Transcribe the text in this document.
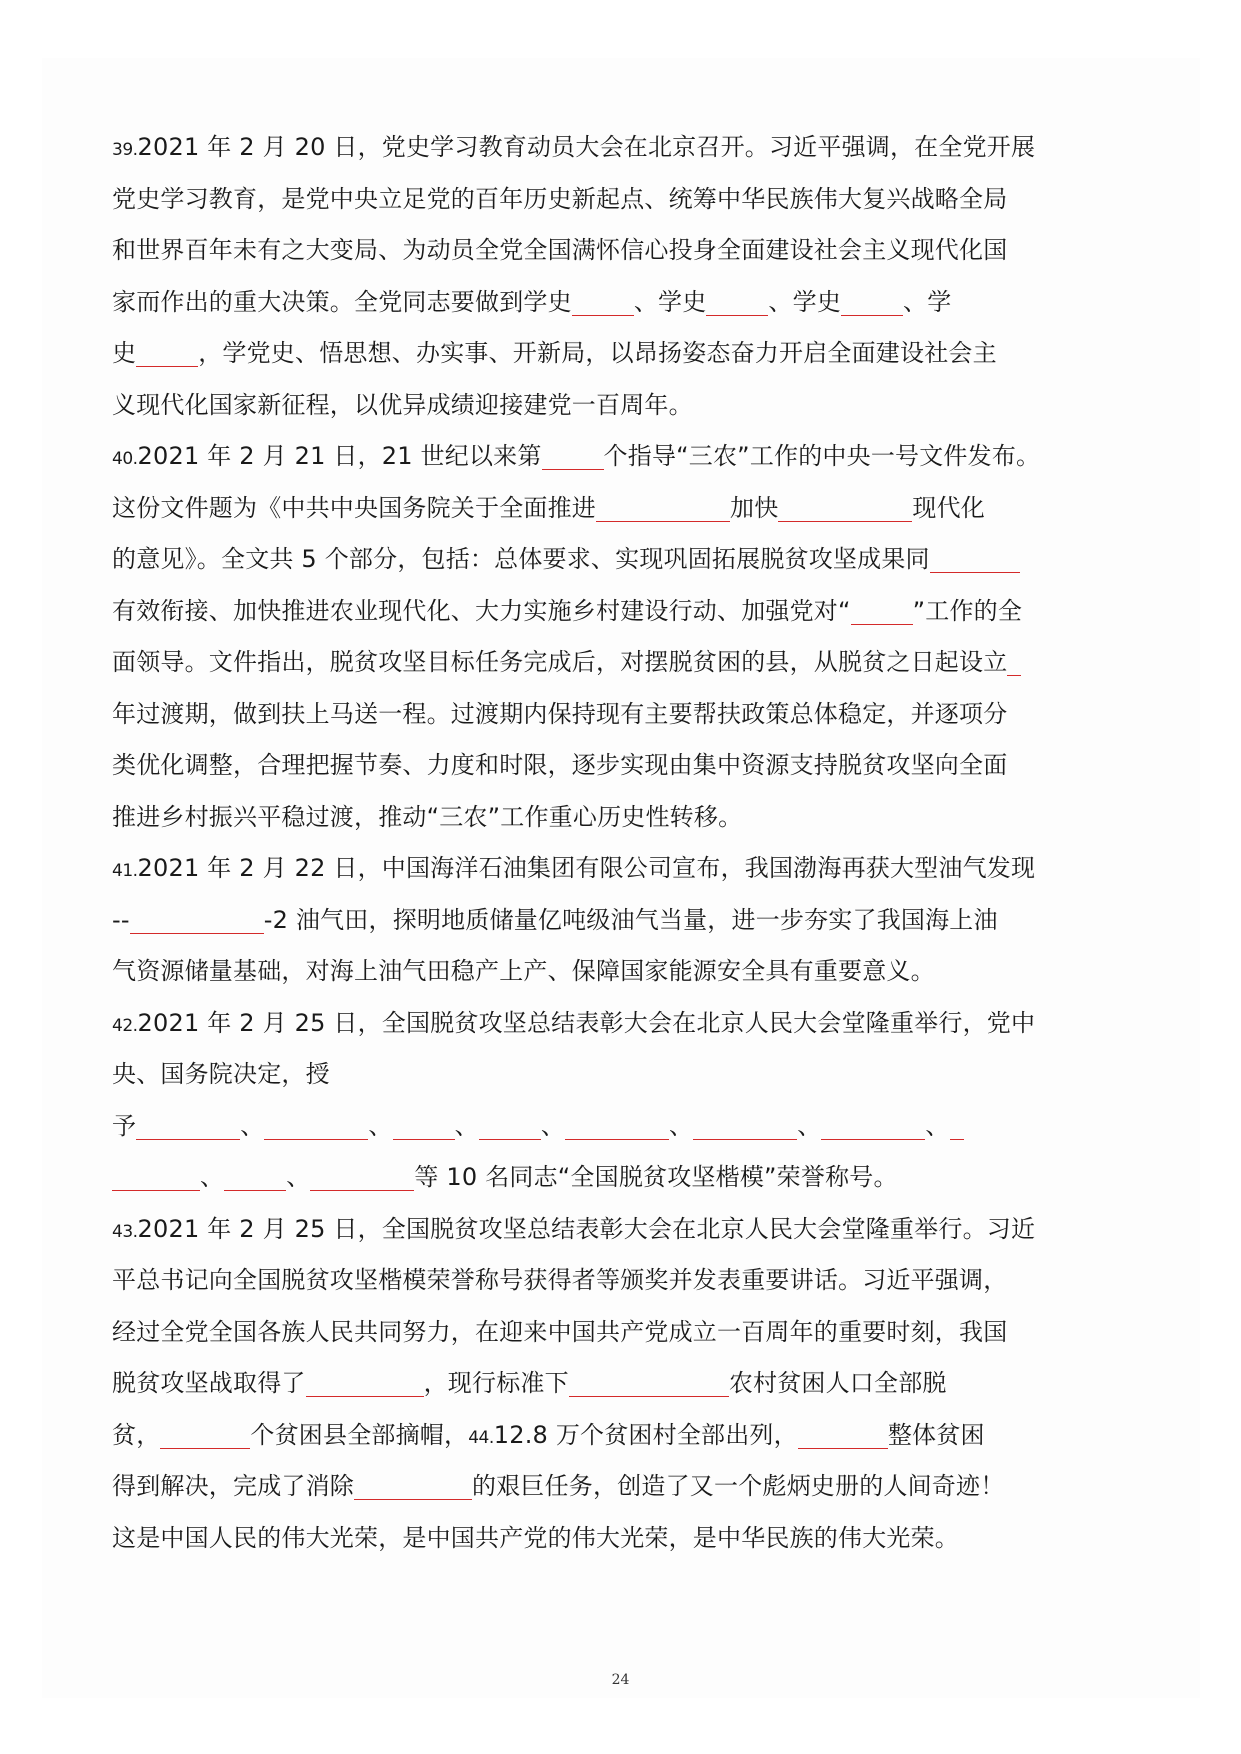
39.2021 年 2 月 20 日，党史学习教育动员大会在北京召开。习近平强调，在全党开展
党史学习教育，是党中央立足党的百年历史新起点、统筹中华民族伟大复兴战略全局
和世界百年未有之大变局、为动员全党全国满怀信心投身全面建设社会主义现代化国
家而作出的重大决策。全党同志要做到学史	、学史	、学史	、学
史	，学党史、悟思想、办实事、开新局，以昂扬姿态奋力开启全面建设社会主
义现代化国家新征程，以优异成绩迎接建党一百周年。
40.2021 年 2 月 21 日，21 世纪以来第	个指导“三农”工作的中央一号文件发布。
这份文件题为《中共中央国务院关于全面推进	加快	现代化
的意见》。全文共 5 个部分，包括：总体要求、实现巩固拓展脱贫攻坚成果同
有效衔接、加快推进农业现代化、大力实施乡村建设行动、加强党对“	”工作的全
面领导。文件指出，脱贫攻坚目标任务完成后，对摆脱贫困的县，从脱贫之日起设立
年过渡期，做到扶上马送一程。过渡期内保持现有主要帮扶政策总体稳定，并逐项分
类优化调整，合理把握节奏、力度和时限，逐步实现由集中资源支持脱贫攻坚向全面
推进乡村振兴平稳过渡，推动“三农”工作重心历史性转移。
41.2021 年 2 月 22 日，中国海洋石油集团有限公司宣布，我国渤海再获大型油气发现
--	-2 油气田，探明地质储量亿吨级油气当量，进一步夯实了我国海上油
气资源储量基础，对海上油气田稳产上产、保障国家能源安全具有重要意义。
42.2021 年 2 月 25 日，全国脱贫攻坚总结表彰大会在北京人民大会堂隆重举行，党中
央、国务院决定，授
予	、	、	、	、	、	、	、
、	、	等 10 名同志“全国脱贫攻坚楷模”荣誉称号。
43.2021 年 2 月 25 日，全国脱贫攻坚总结表彰大会在北京人民大会堂隆重举行。习近
平总书记向全国脱贫攻坚楷模荣誉称号获得者等颁奖并发表重要讲话。习近平强调，
经过全党全国各族人民共同努力，在迎来中国共产党成立一百周年的重要时刻，我国
脱贫攻坚战取得了	，现行标准下	农村贫困人口全部脱
贫，	个贫困县全部摘帽，44.12.8 万个贫困村全部出列，	整体贫困
得到解决，完成了消除	的艰巨任务，创造了又一个彪炳史册的人间奇迹！
这是中国人民的伟大光荣，是中国共产党的伟大光荣，是中华民族的伟大光荣。
24
